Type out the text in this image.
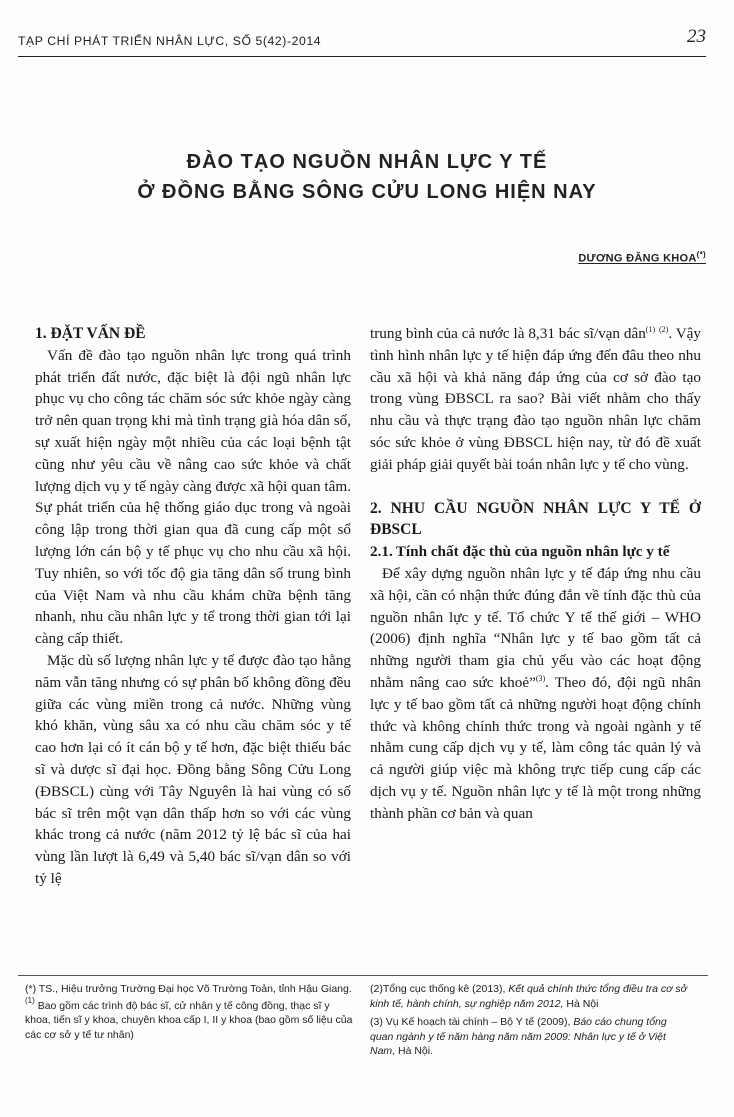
TẠP CHÍ PHÁT TRIỂN NHÂN LỰC, SỐ 5(42)-2014	23
ĐÀO TẠO NGUỒN NHÂN LỰC Y TẾ
Ở ĐỒNG BẰNG SÔNG CỬU LONG HIỆN NAY
DƯƠNG ĐĂNG KHOA(*)
1. ĐẶT VẤN ĐỀ

Vấn đề đào tạo nguồn nhân lực trong quá trình phát triển đất nước, đặc biệt là đội ngũ nhân lực phục vụ cho công tác chăm sóc sức khỏe ngày càng trở nên quan trọng khi mà tình trạng già hóa dân số, sự xuất hiện ngày một nhiều của các loại bệnh tật cũng như yêu cầu về nâng cao sức khỏe và chất lượng dịch vụ y tế ngày càng được xã hội quan tâm. Sự phát triển của hệ thống giáo dục trong và ngoài công lập trong thời gian qua đã cung cấp một số lượng lớn cán bộ y tế phục vụ cho nhu cầu xã hội. Tuy nhiên, so với tốc độ gia tăng dân số trung bình của Việt Nam và nhu cầu khám chữa bệnh tăng nhanh, nhu cầu nhân lực y tế trong thời gian tới lại càng cấp thiết.

Mặc dù số lượng nhân lực y tế được đào tạo hằng năm vẫn tăng nhưng có sự phân bố không đồng đều giữa các vùng miền trong cả nước. Những vùng khó khăn, vùng sâu xa có nhu cầu chăm sóc y tế cao hơn lại có ít cán bộ y tế hơn, đặc biệt thiếu bác sĩ và dược sĩ đại học. Đồng bằng Sông Cửu Long (ĐBSCL) cùng với Tây Nguyên là hai vùng có số bác sĩ trên một vạn dân thấp hơn so với các vùng khác trong cả nước (năm 2012 tỷ lệ bác sĩ của hai vùng lần lượt là 6,49 và 5,40 bác sĩ/vạn dân so với tỷ lệ

trung bình của cả nước là 8,31 bác sĩ/vạn dân$^{(1)}$ $^{(2)}$. Vậy tình hình nhân lực y tế hiện đáp ứng đến đâu theo nhu cầu xã hội và khả năng đáp ứng của cơ sở đào tạo trong vùng ĐBSCL ra sao? Bài viết nhằm cho thấy nhu cầu và thực trạng đào tạo nguồn nhân lực chăm sóc sức khỏe ở vùng ĐBSCL hiện nay, từ đó đề xuất giải pháp giải quyết bài toán nhân lực y tế cho vùng.

2. NHU CẦU NGUỒN NHÂN LỰC Y TẾ Ở ĐBSCL
2.1. Tính chất đặc thù của nguồn nhân lực y tế

Để xây dựng nguồn nhân lực y tế đáp ứng nhu cầu xã hội, cần có nhận thức đúng đắn về tính đặc thù của nguồn nhân lực y tế. Tổ chức Y tế thế giới – WHO (2006) định nghĩa “Nhân lực y tế bao gồm tất cả những người tham gia chủ yếu vào các hoạt động nhằm nâng cao sức khoẻ”$^{(3)}$. Theo đó, đội ngũ nhân lực y tế bao gồm tất cả những người hoạt động chính thức và không chính thức trong và ngoài ngành y tế nhằm cung cấp dịch vụ y tế, làm công tác quản lý và cả người giúp việc mà không trực tiếp cung cấp các dịch vụ y tế. Nguồn nhân lực y tế là một trong những thành phần cơ bản và quan

(*) TS., Hiệu trưởng Trường Đại học Võ Trường Toản, tỉnh Hậu Giang.

$^{(1)}$ Bao gồm các trình độ bác sĩ, cử nhân y tế công đồng, thạc sĩ y khoa, tiến sĩ y khoa, chuyên khoa cấp I, II y khoa (bao gồm số liệu của các cơ sở y tế tư nhân)

(2)Tổng cục thống kê (2013), Kết quả chính thức tổng điều tra cơ sở kinh tế, hành chính, sự nghiệp năm 2012, Hà Nội

(3) Vụ Kế hoạch tài chính – Bộ Y tế (2009), Báo cáo chung tổng quan ngành y tế năm hàng năm năm 2009: Nhân lực y tế ở Việt Nam, Hà Nội.
